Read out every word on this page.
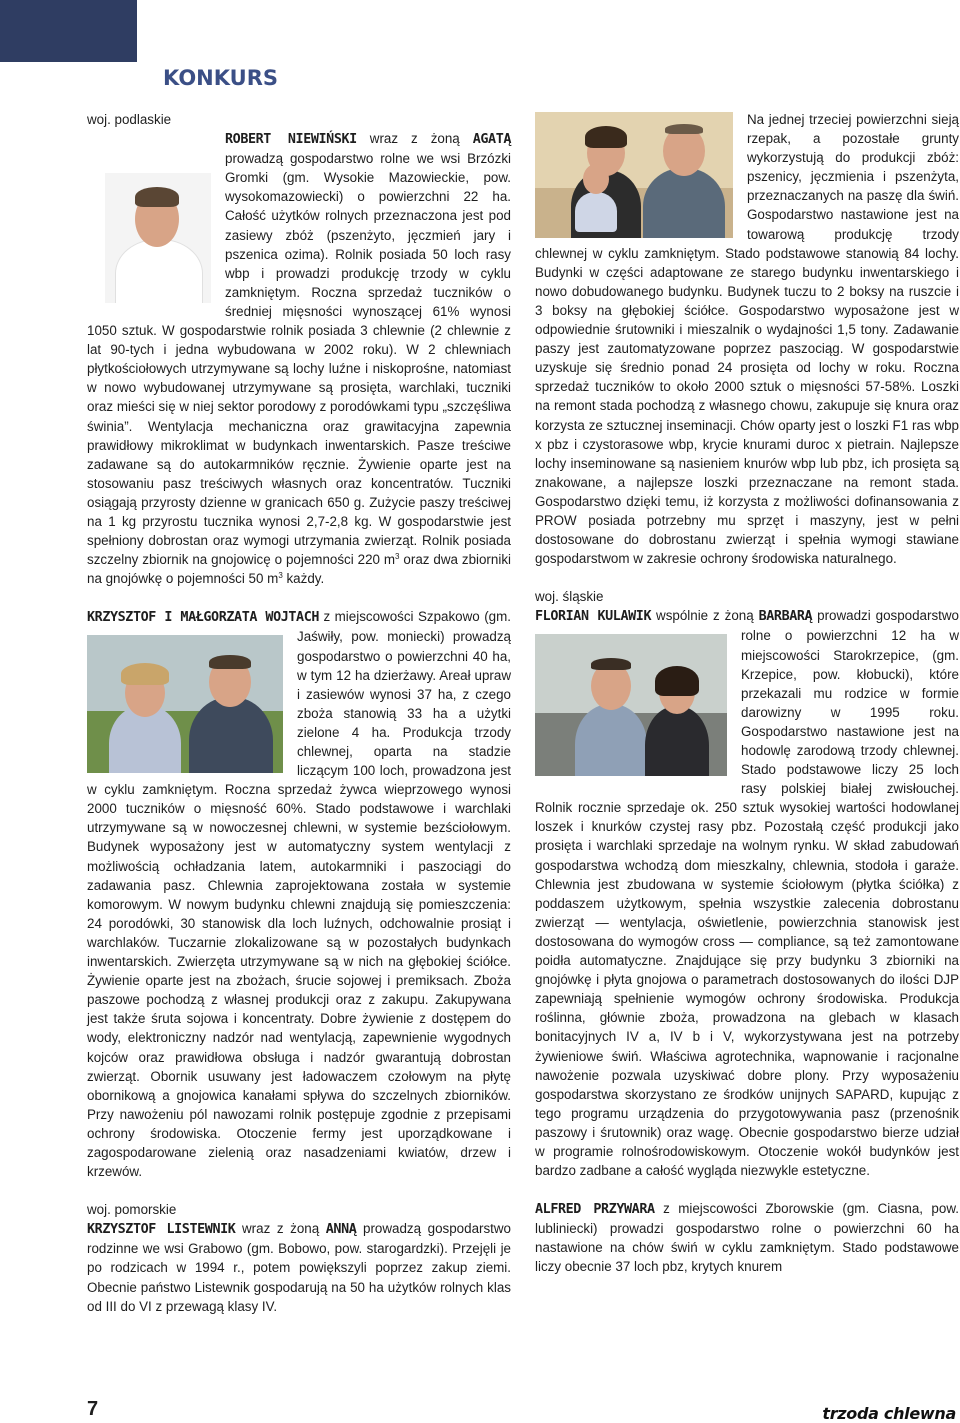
KONKURS

woj. podlaskie

ROBERT NIEWIŃSKI wraz z żoną AGATĄ prowadzą gospodarstwo rolne we wsi Brzózki Gromki (gm. Wysokie Mazowieckie, pow. wysokomazowiecki) o powierzchni 22 ha. Całość użytków rolnych przeznaczona jest pod zasiewy zbóż (pszenżyto, jęczmień jary i pszenica ozima). Rolnik posiada 50 loch rasy wbp i prowadzi produkcję trzody w cyklu zamkniętym. Roczna sprzedaż tuczników o średniej mięsności wynoszącej 61% wynosi 1050 sztuk. W gospodarstwie rolnik posiada 3 chlewnie (2 chlewnie z lat 90-tych i jedna wybudowana w 2002 roku). W 2 chlewniach płytkościołowych utrzymywane są lochy luźne i niskoprośne, natomiast w nowo wybudowanej utrzymywane są prosięta, warchlaki, tuczniki oraz mieści się w niej sektor porodowy z porodówkami typu „szczęśliwa świnia”. Wentylacja mechaniczna oraz grawitacyjna zapewnia prawidłowy mikroklimat w budynkach inwentarskich. Pasze treściwe zadawane są do autokarmników ręcznie. Żywienie oparte jest na stosowaniu pasz treściwych własnych oraz koncentratów. Tuczniki osiągają przyrosty dzienne w granicach 650 g. Zużycie paszy treściwej na 1 kg przyrostu tucznika wynosi 2,7-2,8 kg. W gospodarstwie jest spełniony dobrostan oraz wymogi utrzymania zwierząt. Rolnik posiada szczelny zbiornik na gnojowicę o pojemności 220 $m^3$ oraz dwa zbiorniki na gnojówkę o pojemności 50 $m^3$ każdy.

KRZYSZTOF I MAŁGORZATA WOJTACH
z miejscowości Szpakowo (gm. Jaświły, pow. moniecki) prowadzą gospodarstwo o powierzchni 40 ha, w tym 12 ha dzierżawy. Areał upraw i zasiewów wynosi 37 ha, z czego zboża stanowią 33 ha a użytki zielone 4 ha. Produkcja trzody chlewnej, oparta na stadzie liczącym 100 loch, prowadzona jest w cyklu zamkniętym. Roczna sprzedaż żywca wieprzowego wynosi 2000 tuczników o mięsność 60%. Stado podstawowe i warchlaki utrzymywane są w nowoczesnej chlewni, w systemie bezściołowym. Budynek wyposażony jest w automatyczny system wentylacji z możliwością ochładzania latem, autokarmniki i paszociągi do zadawania pasz. Chlewnia zaprojektowana została w systemie komorowym. W nowym budynku chlewni znajdują się pomieszczenia: 24 porodówki, 30 stanowisk dla loch luźnych, odchowalnie prosiąt i warchlaków. Tuczarnie zlokalizowane są w pozostałych budynkach inwentarskich. Zwierzęta utrzymywane są w nich na głębokiej ściółce. Żywienie oparte jest na zbożach, śrucie sojowej i premiksach. Zboża paszowe pochodzą z własnej produkcji oraz z zakupu. Zakupywana jest także śruta sojowa i koncentraty. Dobre żywienie z dostępem do wody, elektroniczny nadzór nad wentylacją, zapewnienie wygodnych kojców oraz prawidłowa obsługa i nadzór gwarantują dobrostan zwierząt. Obornik usuwany jest ładowaczem czołowym na płytę obornikową a gnojowica kanałami spływa do szczelnych zbiorników. Przy nawożeniu pól nawozami rolnik postępuje zgodnie z przepisami ochrony środowiska. Otoczenie fermy jest uporządkowane i zagospodarowane zielenią oraz nasadzeniami kwiatów, drzew i krzewów.

woj. pomorskie

KRZYSZTOF LISTEWNIK wraz z żoną ANNĄ prowadzą gospodarstwo rodzinne we wsi Grabowo (gm. Bobowo, pow. starogardzki). Przejęli je po rodzicach w 1994 r., potem powiększyli poprzez zakup ziemi. Obecnie państwo Listewnik gospodarują na 50 ha użytków rolnych klas od III do VI z przewagą klasy IV.

Na jednej trzeciej powierzchni sieją rzepak, a pozostałe grunty wykorzystują do produkcji zbóż: pszenicy, jęczmienia i pszenżyta, przeznaczanych na paszę dla świń. Gospodarstwo nastawione jest na towarową produkcję trzody chlewnej w cyklu zamkniętym. Stado podstawowe stanowią 84 lochy. Budynki w części adaptowane ze starego budynku inwentarskiego i nowo dobudowanego budynku. Budynek tuczu to 2 boksy na ruszcie i 3 boksy na głębokiej ściółce. Gospodarstwo wyposażone jest w odpowiednie śrutowniki i mieszalnik o wydajności 1,5 tony. Zadawanie paszy jest zautomatyzowane poprzez paszociąg. W gospodarstwie uzyskuje się średnio ponad 24 prosięta od lochy w roku. Roczna sprzedaż tuczników to około 2000 sztuk o mięsności 57-58%. Loszki na remont stada pochodzą z własnego chowu, zakupuje się knura oraz korzysta ze sztucznej inseminacji. Chów oparty jest o loszki F1 ras wbp x pbz i czystorasowe wbp, krycie knurami duroc x pietrain. Najlepsze lochy inseminowane są nasieniem knurów wbp lub pbz, ich prosięta są znakowane, a najlepsze loszki przeznaczane na remont stada. Gospodarstwo dzięki temu, iż korzysta z możliwości dofinansowania z PROW posiada potrzebny mu sprzęt i maszyny, jest w pełni dostosowane do dobrostanu zwierząt i spełnia wymogi stawiane gospodarstwom w zakresie ochrony środowiska naturalnego.

woj. śląskie

FLORIAN KULAWIK wspólnie z żoną BARBARĄ
prowadzi gospodarstwo rolne o powierzchni 12 ha w miejscowości Starokrzepice, (gm. Krzepice, pow. kłobucki), które przekazali mu rodzice w formie darowizny w 1995 roku. Gospodarstwo nastawione jest na hodowlę zarodową trzody chlewnej. Stado podstawowe liczy 25 loch rasy polskiej białej zwisłouchej. Rolnik rocznie sprzedaje ok. 250 sztuk wysokiej wartości hodowlanej loszek i knurków czystej rasy pbz. Pozostałą część produkcji jako prosięta i warchlaki sprzedaje na wolnym rynku. W skład zabudowań gospodarstwa wchodzą dom mieszkalny, chlewnia, stodoła i garaże. Chlewnia jest zbudowana w systemie ściołowym (płytka ściółka) z poddaszem użytkowym, spełnia wszystkie zalecenia dobrostanu zwierząt — wentylacja, oświetlenie, powierzchnia stanowisk jest dostosowana do wymogów cross — compliance, są też zamontowane poidła automatyczne. Znajdujące się przy budynku 3 zbiorniki na gnojówkę i płyta gnojowa o parametrach dostosowanych do ilości DJP zapewniają spełnienie wymogów ochrony środowiska. Produkcja roślinna, głównie zboża, prowadzona na glebach w klasach bonitacyjnych IV a, IV b i V, wykorzystywana jest na potrzeby żywieniowe świń. Właściwa agrotechnika, wapnowanie i racjonalne nawożenie pozwala uzyskiwać dobre plony. Przy wyposażeniu gospodarstwa skorzystano ze środków unijnych SAPARD, kupując z tego programu urządzenia do przygotowywania pasz (przenośnik paszowy i śrutownik) oraz wagę. Obecnie gospodarstwo bierze udział w programie rolnośrodowiskowym. Otoczenie wokół budynków jest bardzo zadbane a całość wygląda niezwykle estetyczne.

ALFRED PRZYWARA z miejscowości Zborowskie (gm. Ciasna, pow. lubliniecki) prowadzi gospodarstwo rolne o powierzchni 60 ha nastawione na chów świń w cyklu zamkniętym. Stado podstawowe liczy obecnie 37 loch pbz, krytych knurem

7	trzoda chlewna
